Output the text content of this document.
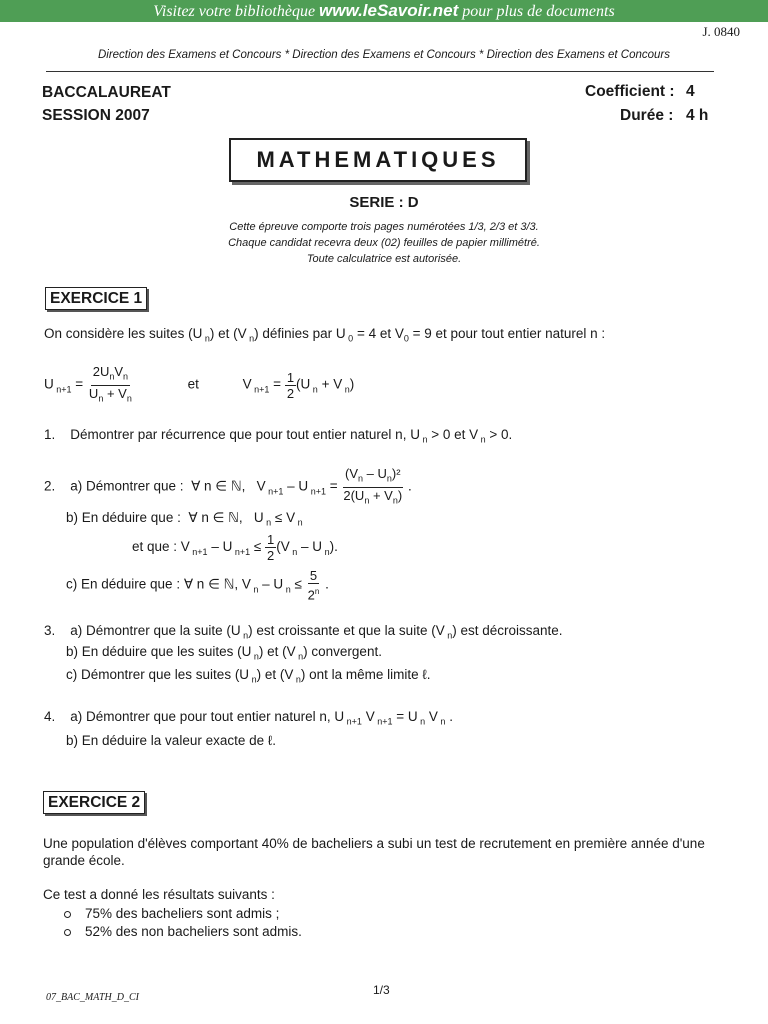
Visitez votre bibliothèque www.leSavoir.net pour plus de documents
J. 0840
Direction des Examens et Concours * Direction des Examens et Concours * Direction des Examens et Concours
BACCALAUREAT
SESSION 2007
Coefficient : 4
Durée : 4 h
MATHEMATIQUES
SERIE : D
Cette épreuve comporte trois pages numérotées 1/3, 2/3 et 3/3.
Chaque candidat recevra deux (02) feuilles de papier millimétré.
Toute calculatrice est autorisée.
EXERCICE 1
On considère les suites (U $_n$) et (V $_n$) définies par U $_0$ = 4 et $V_0 = 9$ et pour tout entier naturel n :
U $_{n+1} = \frac{2U_nV_n}{U_n + V_n}$	et	V $_{n+1} = \frac{1}{2} (U$ $_n$ + V $_n$)
1.    Démontrer par récurrence que pour tout entier naturel n, U $_n$ > 0 et V $_n$ > 0.
2.    a) Démontrer que :  ∀ n ∈ ℕ,   V $_{n+1}$ – U $_{n+1} = \frac{(V_n - U_n)^2}{2(U_n + V_n)}$ .
b) En déduire que :  ∀ n ∈ ℕ,   U $_n$ ≤ V $_n$
et que : V $_{n+1}$ – U $_{n+1} \le \frac{1}{2} (V$ $_n$ – U $_n$).
c) En déduire que : ∀ n ∈ ℕ, V $_n$ – U $_n \le \frac{5}{2^n}$ .
3.    a) Démontrer que la suite (U $_n$) est croissante et que la suite (V $_n$) est décroissante.
b) En déduire que les suites (U $_n$) et (V $_n$) convergent.
c) Démontrer que les suites (U $_n$) et (V $_n$) ont la même limite ℓ.
4.    a) Démontrer que pour tout entier naturel n, U $_{n+1}$ V $_{n+1}$ = U $_n$ V $_n$ .
b) En déduire la valeur exacte de ℓ.
EXERCICE 2
Une population d'élèves comportant 40% de bacheliers a subi un test de recrutement en première année d'une
grande école.
Ce test a donné les résultats suivants :
75% des bacheliers sont admis ;
52% des non bacheliers sont admis.
1/3
07_BAC_MATH_D_CI
